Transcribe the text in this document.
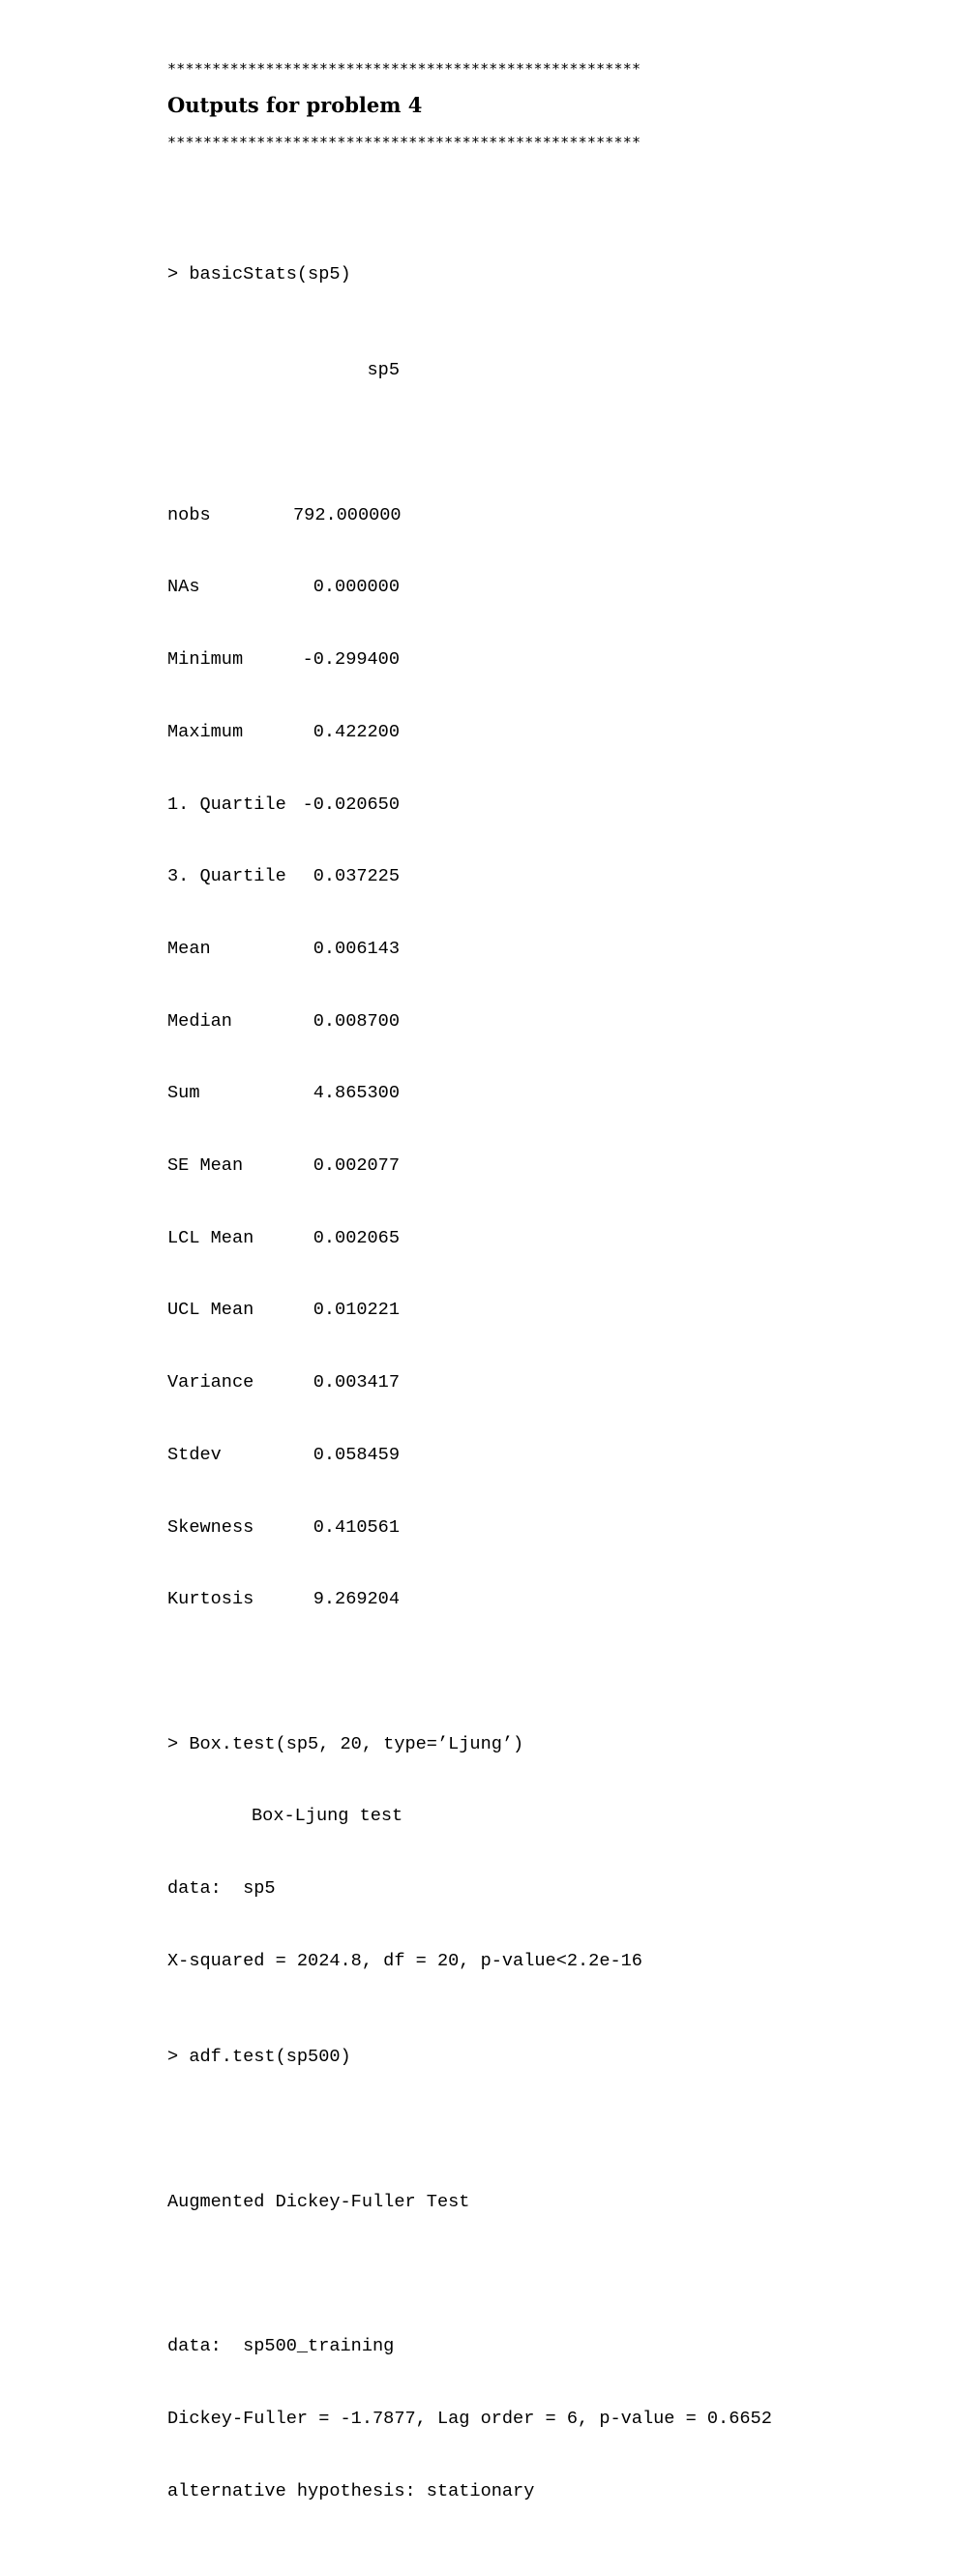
*****************************************************
Outputs for problem 4
*****************************************************

> basicStats(sp5)

sp5

nobs	792.000000

NAs	0.000000

Minimum	-0.299400

Maximum	0.422200

1. Quartile -0.020650

3. Quartile 0.037225

Mean	0.006143

Median	0.008700

Sum	4.865300

SE Mean	0.002077

LCL Mean	0.002065

UCL Mean	0.010221

Variance	0.003417

Stdev	0.058459

Skewness	0.410561

Kurtosis	9.269204

> Box.test(sp5, 20, type=’Ljung’)

Box-Ljung test

data:  sp5

X-squared = 2024.8, df = 20, p-value<2.2e-16

> adf.test(sp500)

Augmented Dickey-Fuller Test

data:  sp500_training

Dickey-Fuller = -1.7877, Lag order = 6, p-value = 0.6652

alternative hypothesis: stationary
